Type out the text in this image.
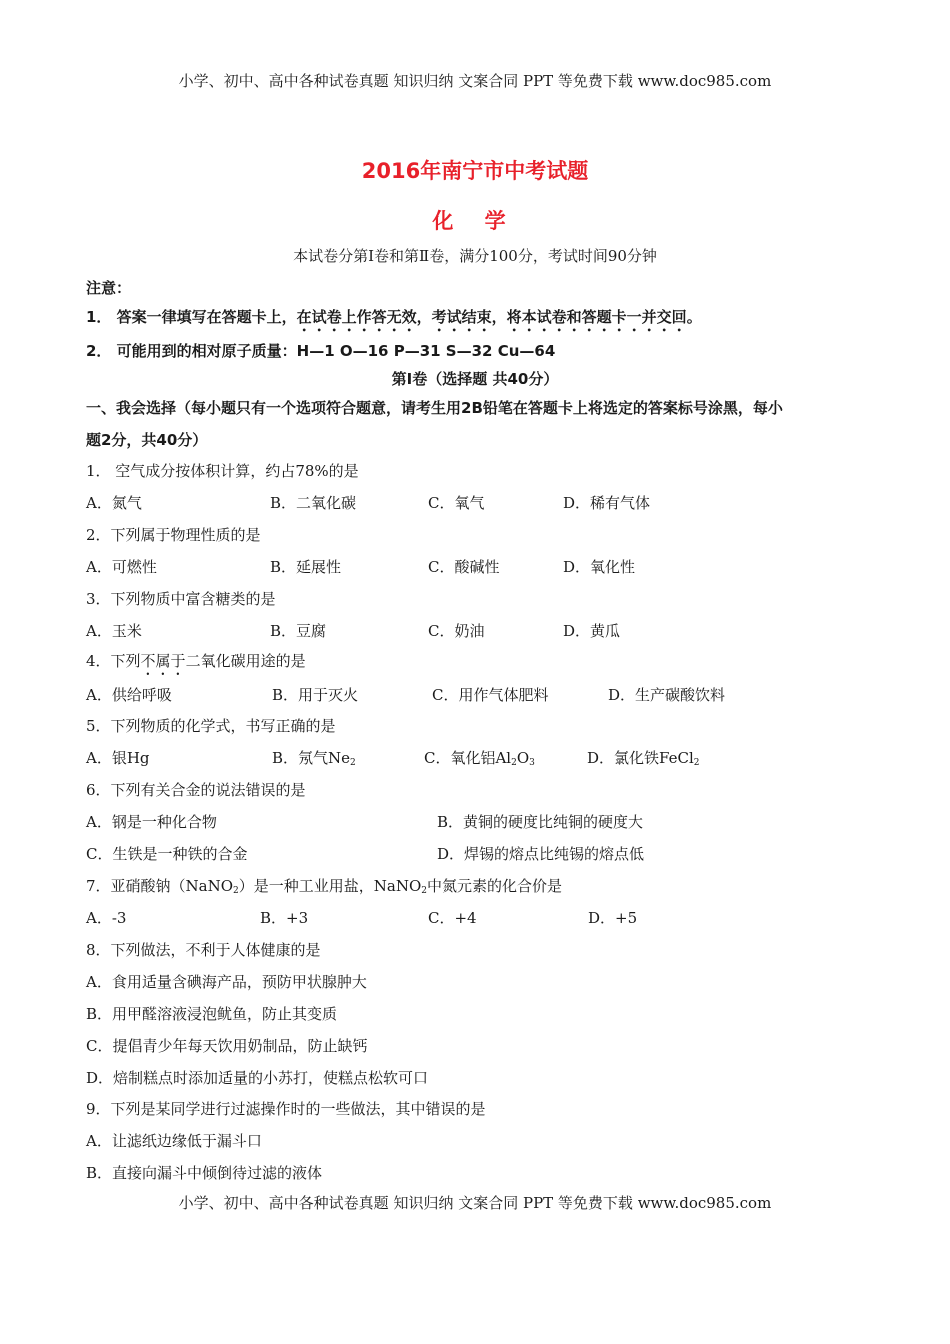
小学、初中、高中各种试卷真题 知识归纳 文案合同 PPT 等免费下载 www.doc985.com
2016年南宁市中考试题
化 学
本试卷分第Ⅰ卷和第Ⅱ卷，满分100分，考试时间90分钟
注意：
1． 答案一律填写在答题卡上，在试卷上作答无效，考试结束，将本试卷和答题卡一并交回。
2． 可能用到的相对原子质量：H—1 O—16 P—31 S—32 Cu—64
第Ⅰ卷（选择题 共40分）
一、我会选择（每小题只有一个选项符合题意，请考生用2B铅笔在答题卡上将选定的答案标号涂黑，每小
题2分，共40分）
1． 空气成分按体积计算，约占78%的是
A．氮气	B．二氧化碳	C．氧气	D．稀有气体
2．下列属于物理性质的是
A．可燃性	B．延展性	C．酸碱性	D．氧化性
3．下列物质中富含糖类的是
A．玉米	B．豆腐	C．奶油	D．黄瓜
4．下列不属于二氧化碳用途的是
A．供给呼吸	B．用于灭火	C．用作气体肥料	D．生产碳酸饮料
5．下列物质的化学式，书写正确的是
A．银Hg	B．氖气$Ne_2$	C．氧化铝$Al_2O_3$	D．氯化铁FeCl$_2$
6．下列有关合金的说法错误的是
A．钢是一种化合物	B．黄铜的硬度比纯铜的硬度大
C．生铁是一种铁的合金	D．焊锡的熔点比纯锡的熔点低
7．亚硝酸钠（NaNO$_2$）是一种工业用盐，NaNO$_2$中氮元素的化合价是
A．-3	B．+3	C．+4	D．+5
8．下列做法，不利于人体健康的是
A．食用适量含碘海产品，预防甲状腺肿大
B．用甲醛溶液浸泡鱿鱼，防止其变质
C．提倡青少年每天饮用奶制品，防止缺钙
D．焙制糕点时添加适量的小苏打，使糕点松软可口
9．下列是某同学进行过滤操作时的一些做法，其中错误的是
A．让滤纸边缘低于漏斗口
B．直接向漏斗中倾倒待过滤的液体
小学、初中、高中各种试卷真题 知识归纳 文案合同 PPT 等免费下载 www.doc985.com
